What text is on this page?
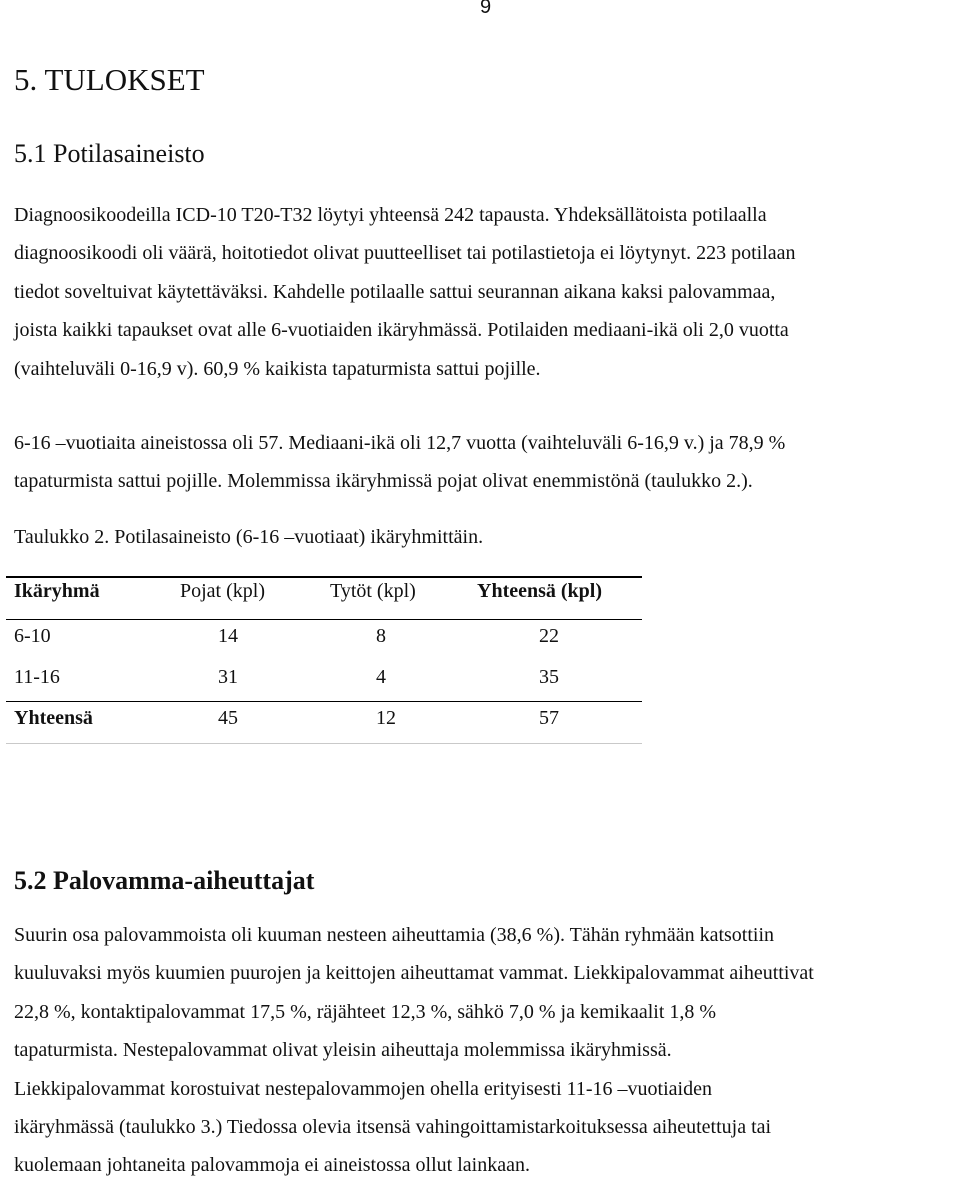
9
5. TULOKSET
5.1 Potilasaineisto

Diagnoosikoodeilla ICD-10 T20-T32 löytyi yhteensä 242 tapausta. Yhdeksällätoista potilaalla
diagnoosikoodi oli väärä, hoitotiedot olivat puutteelliset tai potilastietoja ei löytynyt. 223 potilaan
tiedot soveltuivat käytettäväksi. Kahdelle potilaalle sattui seurannan aikana kaksi palovammaa,
joista kaikki tapaukset ovat alle 6-vuotiaiden ikäryhmässä. Potilaiden mediaani-ikä oli 2,0 vuotta
(vaihteluväli 0-16,9 v). 60,9 % kaikista tapaturmista sattui pojille.

6-16 –vuotiaita aineistossa oli 57. Mediaani-ikä oli 12,7 vuotta (vaihteluväli 6-16,9 v.) ja 78,9 %
tapaturmista sattui pojille. Molemmissa ikäryhmissä pojat olivat enemmistönä (taulukko 2.).

Taulukko 2. Potilasaineisto (6-16 –vuotiaat) ikäryhmittäin.

Ikäryhmä	Pojat (kpl)	Tytöt (kpl)	Yhteensä (kpl)
6-10	14	8	22
11-16	31	4	35
Yhteensä	45	12	57
5.2 Palovamma-aiheuttajat

Suurin osa palovammoista oli kuuman nesteen aiheuttamia (38,6 %). Tähän ryhmään katsottiin
kuuluvaksi myös kuumien puurojen ja keittojen aiheuttamat vammat. Liekkipalovammat aiheuttivat
22,8 %, kontaktipalovammat 17,5 %, räjähteet 12,3 %, sähkö 7,0 % ja kemikaalit 1,8 %
tapaturmista. Nestepalovammat olivat yleisin aiheuttaja molemmissa ikäryhmissä.
Liekkipalovammat korostuivat nestepalovammojen ohella erityisesti 11-16 –vuotiaiden
ikäryhmässä (taulukko 3.) Tiedossa olevia itsensä vahingoittamistarkoituksessa aiheutettuja tai
kuolemaan johtaneita palovammoja ei aineistossa ollut lainkaan.
